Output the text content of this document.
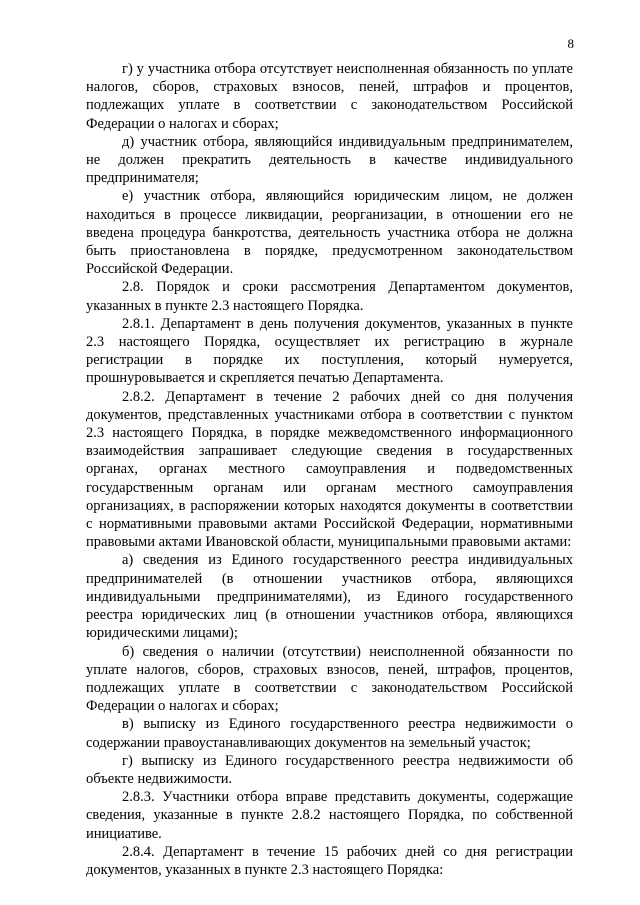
8

г) у участника отбора отсутствует неисполненная обязанность по уплате налогов, сборов, страховых взносов, пеней, штрафов и процентов, подлежащих уплате в соответствии с законодательством Российской Федерации о налогах и сборах;

д) участник отбора, являющийся индивидуальным предпринимателем, не должен прекратить деятельность в качестве индивидуального предпринимателя;

е) участник отбора, являющийся юридическим лицом, не должен находиться в процессе ликвидации, реорганизации, в отношении его не введена процедура банкротства, деятельность участника отбора не должна быть приостановлена в порядке, предусмотренном законодательством Российской Федерации.

2.8. Порядок и сроки рассмотрения Департаментом документов, указанных в пункте 2.3 настоящего Порядка.

2.8.1. Департамент в день получения документов, указанных в пункте 2.3 настоящего Порядка, осуществляет их регистрацию в журнале регистрации в порядке их поступления, который нумеруется, прошнуровывается и скрепляется печатью Департамента.

2.8.2. Департамент в течение 2 рабочих дней со дня получения документов, представленных участниками отбора в соответствии с пунктом 2.3 настоящего Порядка, в порядке межведомственного информационного взаимодействия запрашивает следующие сведения в государственных органах, органах местного самоуправления и подведомственных государственным органам или органам местного самоуправления организациях, в распоряжении которых находятся документы в соответствии с нормативными правовыми актами Российской Федерации, нормативными правовыми актами Ивановской области, муниципальными правовыми актами:

а) сведения из Единого государственного реестра индивидуальных предпринимателей (в отношении участников отбора, являющихся индивидуальными предпринимателями), из Единого государственного реестра юридических лиц (в отношении участников отбора, являющихся юридическими лицами);

б) сведения о наличии (отсутствии) неисполненной обязанности по уплате налогов, сборов, страховых взносов, пеней, штрафов, процентов, подлежащих уплате в соответствии с законодательством Российской Федерации о налогах и сборах;

в) выписку из Единого государственного реестра недвижимости о содержании правоустанавливающих документов на земельный участок;

г) выписку из Единого государственного реестра недвижимости об объекте недвижимости.

2.8.3. Участники отбора вправе представить документы, содержащие сведения, указанные в пункте 2.8.2 настоящего Порядка, по собственной инициативе.

2.8.4. Департамент в течение 15 рабочих дней со дня регистрации документов, указанных в пункте 2.3 настоящего Порядка:
